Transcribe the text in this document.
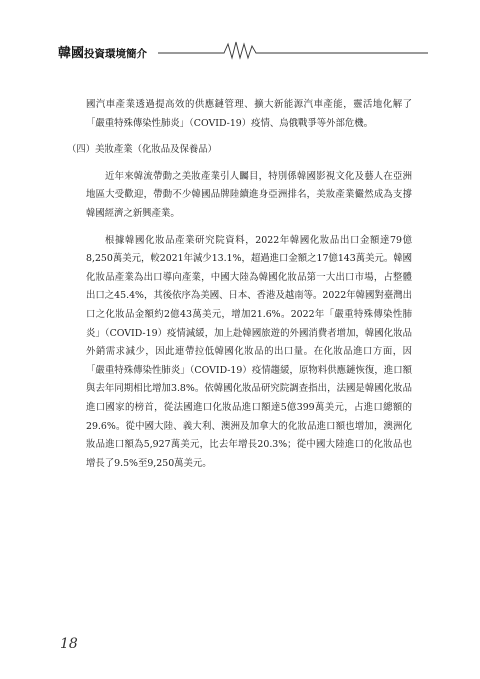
韓國投資環境簡介

國汽車產業透過提高效的供應鏈管理、擴大新能源汽車產能，靈活地化解了「嚴重特殊傳染性肺炎」（COVID-19）疫情、烏俄戰爭等外部危機。

（四）美妝產業（化妝品及保養品）

近年來韓流帶動之美妝產業引人矚目，特別係韓國影視文化及藝人在亞洲地區大受歡迎，帶動不少韓國品牌陸續進身亞洲排名，美妝產業儼然成為支撐韓國經濟之新興產業。

根據韓國化妝品產業研究院資料，2022年韓國化妝品出口金額達79億8,250萬美元，較2021年減少13.1%，超過進口金額之17億143萬美元。韓國化妝品產業為出口導向產業，中國大陸為韓國化妝品第一大出口市場，占整體出口之45.4%，其後依序為美國、日本、香港及越南等。2022年韓國對臺灣出口之化妝品金額約2億43萬美元，增加21.6%。2022年「嚴重特殊傳染性肺炎」（COVID-19）疫情減緩，加上赴韓國旅遊的外國消費者增加，韓國化妝品外銷需求減少，因此連帶拉低韓國化妝品的出口量。在化妝品進口方面，因「嚴重特殊傳染性肺炎」（COVID-19）疫情趨緩，原物料供應鏈恢復，進口額與去年同期相比增加3.8%。依韓國化妝品研究院調查指出，法國是韓國化妝品進口國家的榜首，從法國進口化妝品進口額達5億399萬美元，占進口總額的29.6%。從中國大陸、義大利、澳洲及加拿大的化妝品進口額也增加，澳洲化妝品進口額為5,927萬美元，比去年增長20.3%；從中國大陸進口的化妝品也增長了9.5%至9,250萬美元。

18
